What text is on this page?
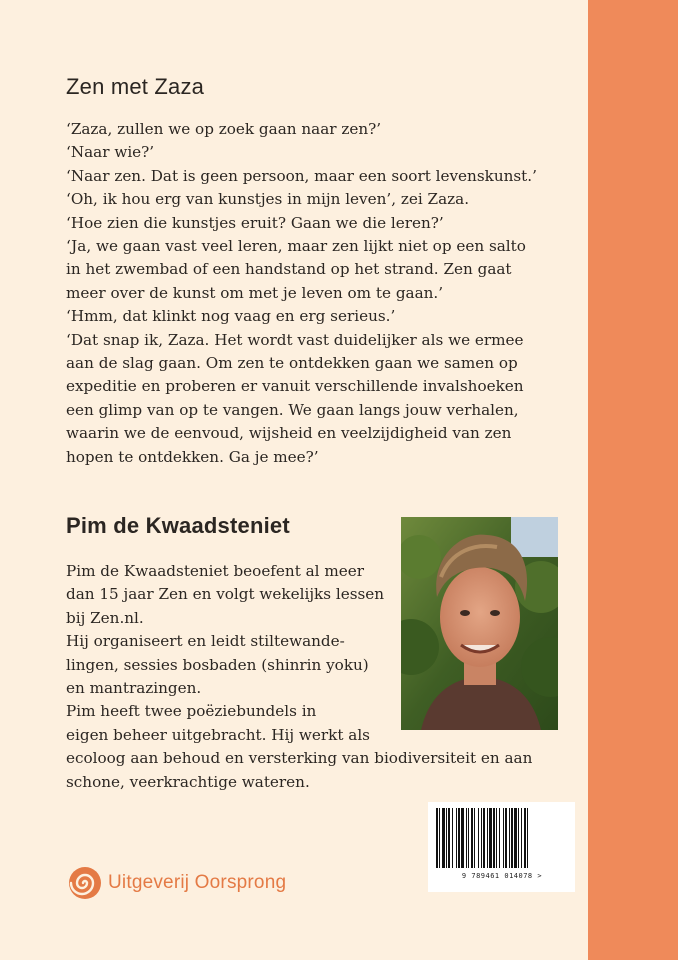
Zen met Zaza

‘Zaza, zullen we op zoek gaan naar zen?’

‘Naar wie?’

‘Naar zen. Dat is geen persoon, maar een soort levenskunst.’

‘Oh, ik hou erg van kunstjes in mijn leven’, zei Zaza.

‘Hoe zien die kunstjes eruit? Gaan we die leren?’

‘Ja, we gaan vast veel leren, maar zen lijkt niet op een salto

in het zwembad of een handstand op het strand. Zen gaat

meer over de kunst om met je leven om te gaan.’

‘Hmm, dat klinkt nog vaag en erg serieus.’

‘Dat snap ik, Zaza. Het wordt vast duidelijker als we ermee

aan de slag gaan. Om zen te ontdekken gaan we samen op

expeditie en proberen er vanuit verschillende invalshoeken

een glimp van op te vangen. We gaan langs jouw verhalen,

waarin we de eenvoud, wijsheid en veelzijdigheid van zen

hopen te ontdekken. Ga je mee?’

Pim de Kwaadsteniet

Pim de Kwaadsteniet beoefent al meer

dan 15 jaar Zen en volgt wekelijks lessen

bij Zen.nl.

Hij organiseert en leidt stiltewande-

lingen, sessies bosbaden (shinrin yoku)

en mantrazingen.

Pim heeft twee poëziebundels in

eigen beheer uitgebracht. Hij werkt als

ecoloog aan behoud en versterking van biodiversiteit en aan

schone, veerkrachtige wateren.

9 789461 014078 >
Uitgeverij Oorsprong
